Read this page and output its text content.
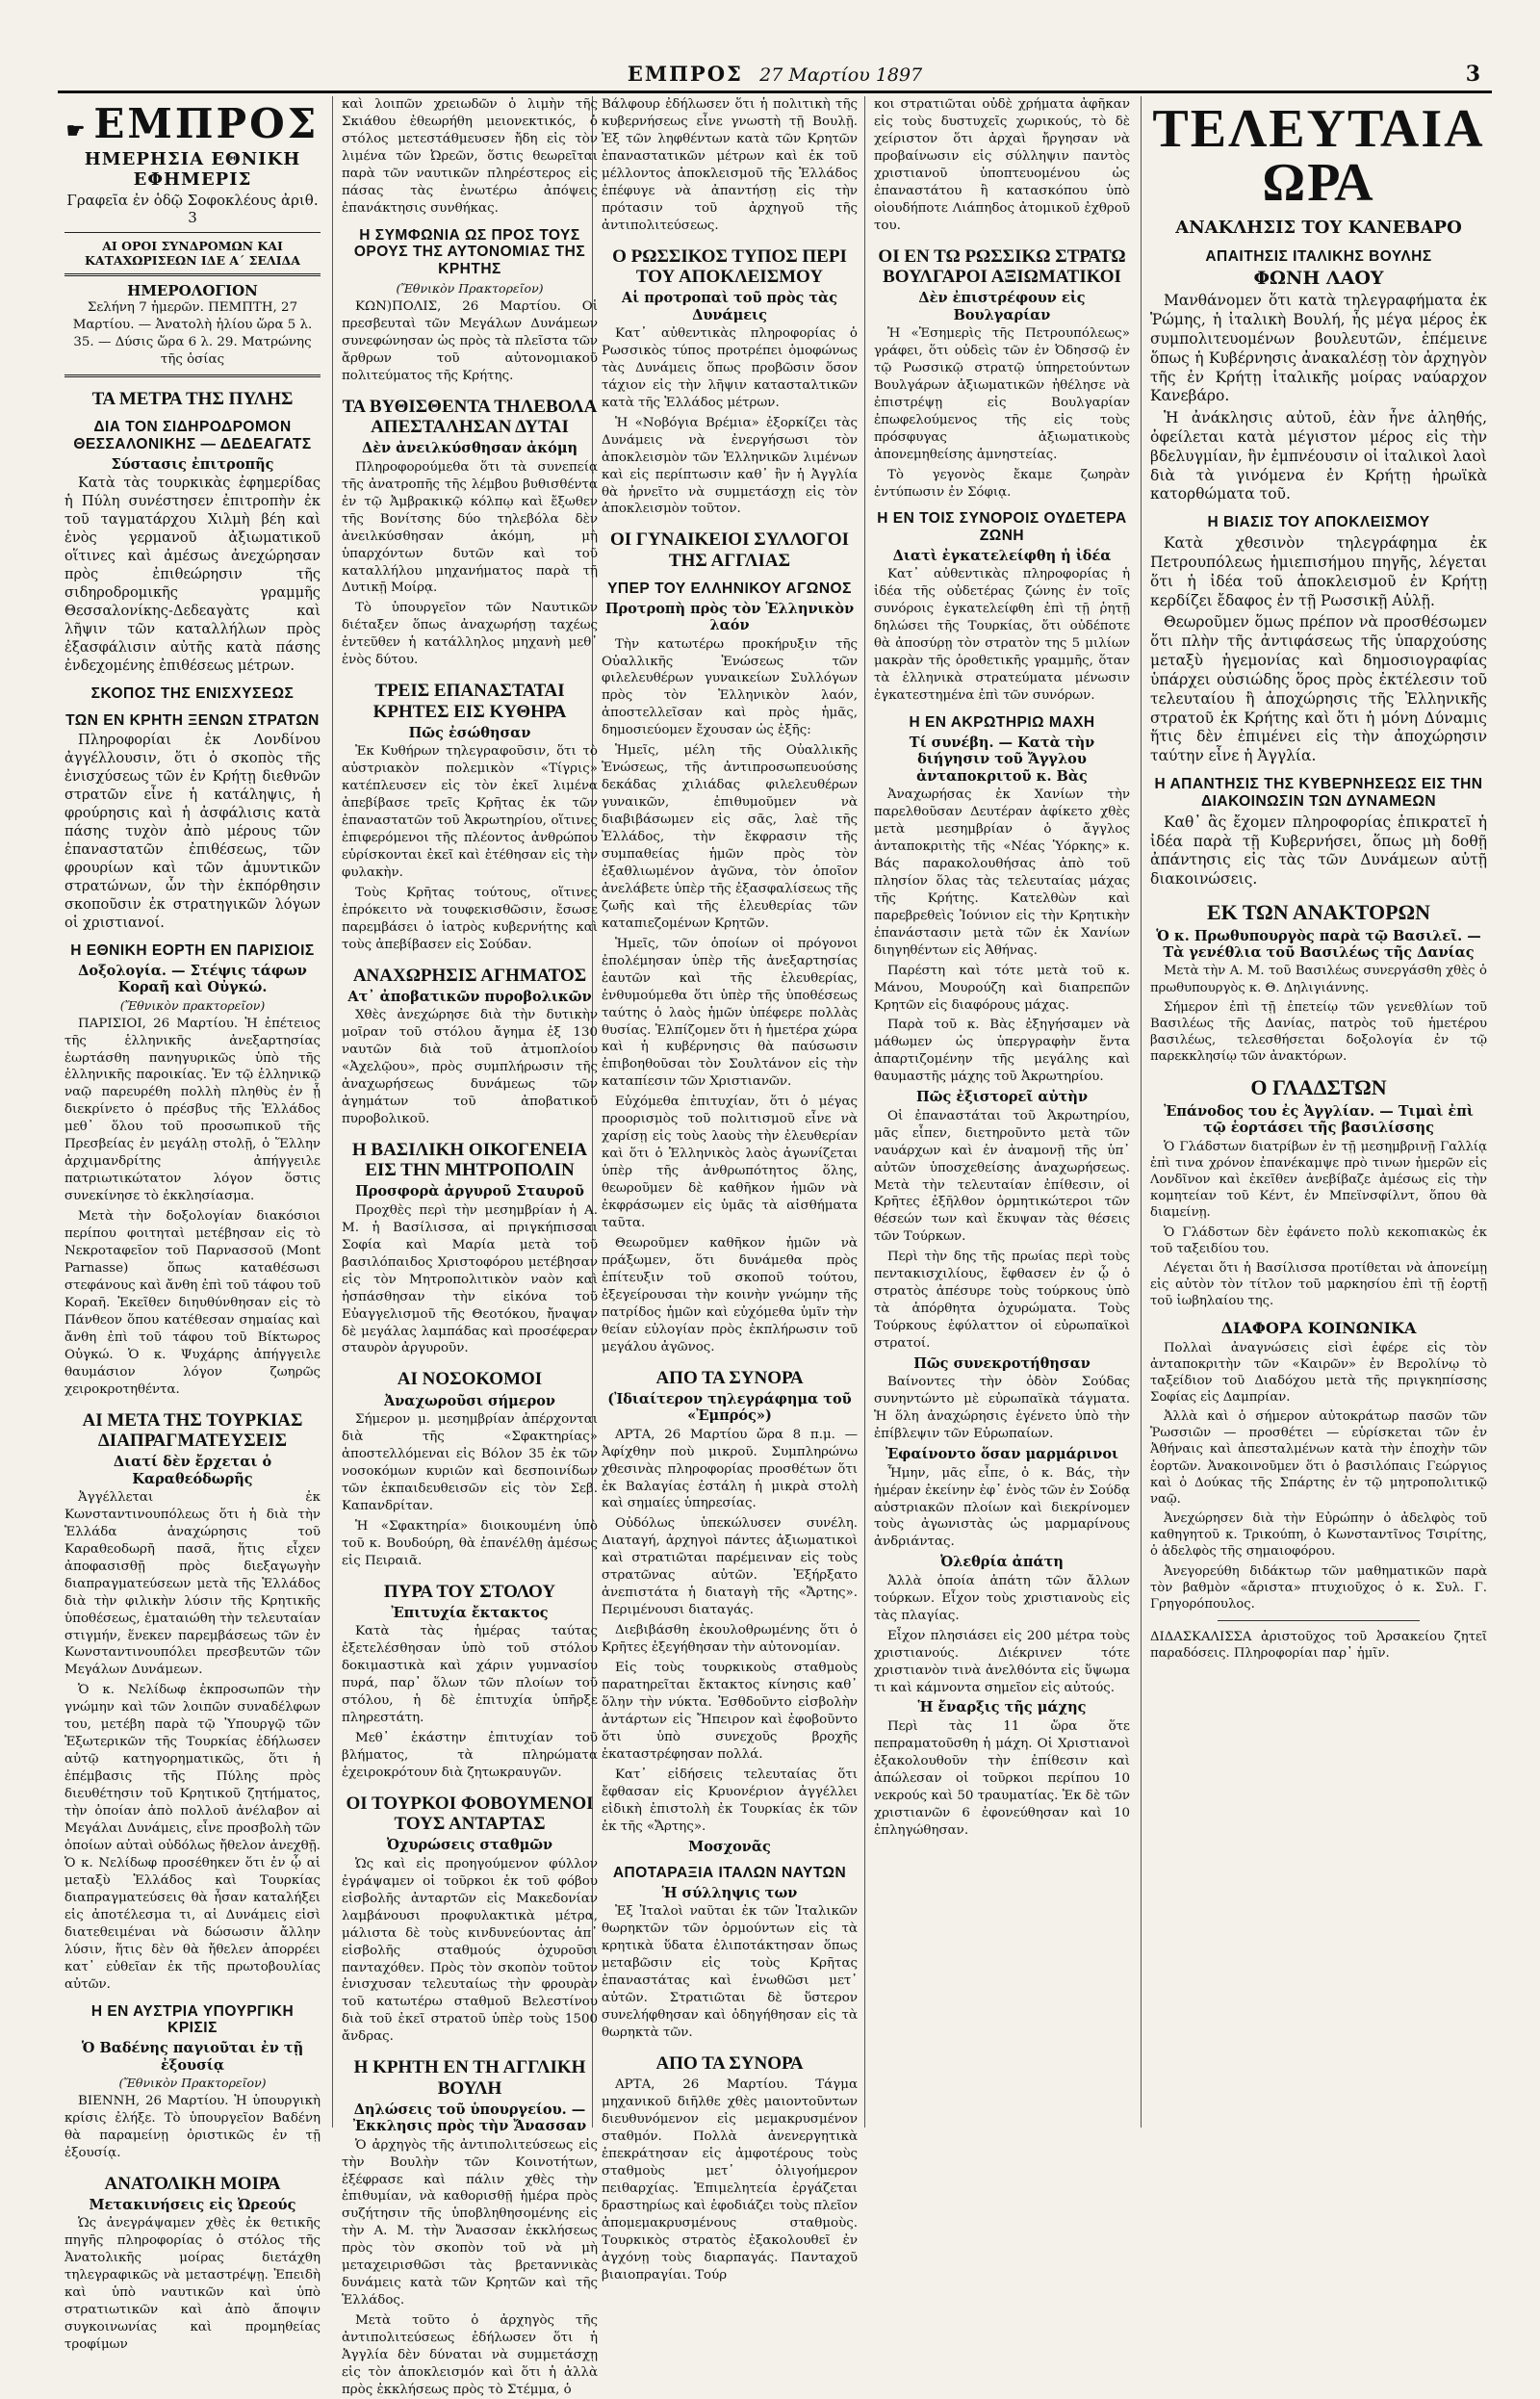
ΕΜΠΡΟΣ 27 Μαρτίου 1897	3
☛ ΕΜΠΡΟΣ
ΗΜΕΡΗΣΙΑ ΕΘΝΙΚΗ ΕΦΗΜΕΡΙΣ
Γραφεῖα ἐν ὁδῷ Σοφοκλέους ἀριθ. 3
ΑΙ ΟΡΟΙ ΣΥΝΔΡΟΜΩΝ ΚΑΙ ΚΑΤΑΧΩΡΙΣΕΩΝ ΙΔΕ Α΄ ΣΕΛΙΔΑ
ΗΜΕΡΟΛΟΓΙΟΝ

Σελήνη 7 ἡμερῶν. ΠΕΜΠΤΗ, 27 Μαρτίου. — Ἀνατολὴ ἡλίου ὥρα 5 λ. 35. — Δύσις ὥρα 6 λ. 29. Ματρώνης τῆς ὁσίας

ΤΑ ΜΕΤΡΑ ΤΗΣ ΠΥΛΗΣ
ΔΙΑ ΤΟΝ ΣΙΔΗΡΟΔΡΟΜΟΝ ΘΕΣΣΑΛΟΝΙΚΗΣ — ΔΕΔΕΑΓΑΤΣ
Σύστασις ἐπιτροπῆς

Κατὰ τὰς τουρκικὰς ἐφημερίδας ἡ Πύλη συνέστησεν ἐπιτροπὴν ἐκ τοῦ ταγματάρχου Χιλμὴ βέη καὶ ἑνὸς γερμανοῦ ἀξιωματικοῦ οἵτινες καὶ ἀμέσως ἀνεχώρησαν πρὸς ἐπιθεώρησιν τῆς σιδηροδρομικῆς γραμμῆς Θεσσαλονίκης-Δεδεαγὰτς καὶ λῆψιν τῶν καταλλήλων πρὸς ἐξασφάλισιν αὐτῆς κατὰ πάσης ἐνδεχομένης ἐπιθέσεως μέτρων.

ΣΚΟΠΟΣ ΤΗΣ ΕΝΙΣΧΥΣΕΩΣ
ΤΩΝ ΕΝ ΚΡΗΤΗ ΞΕΝΩΝ ΣΤΡΑΤΩΝ

Πληροφορίαι ἐκ Λονδίνου ἀγγέλλουσιν, ὅτι ὁ σκοπὸς τῆς ἐνισχύσεως τῶν ἐν Κρήτῃ διεθνῶν στρατῶν εἶνε ἡ κατάληψις, ἡ φρούρησις καὶ ἡ ἀσφάλισις κατὰ πάσης τυχὸν ἀπὸ μέρους τῶν ἐπαναστατῶν ἐπιθέσεως, τῶν φρουρίων καὶ τῶν ἀμυντικῶν στρατώνων, ὧν τὴν ἐκπόρθησιν σκοποῦσιν ἐκ στρατηγικῶν λόγων οἱ χριστιανοί.

Η ΕΘΝΙΚΗ ΕΟΡΤΗ ΕΝ ΠΑΡΙΣΙΟΙΣ
Δοξολογία. — Στέψις τάφων Κοραῆ καὶ Οὐγκώ.
(Ἔθνικὸν πρακτορεῖον)

ΠΑΡΙΣΙΟΙ, 26 Μαρτίου. Ἡ ἐπέτειος τῆς ἑλληνικῆς ἀνεξαρτησίας ἑωρτάσθη πανηγυρικῶς ὑπὸ τῆς ἑλληνικῆς παροικίας. Ἐν τῷ ἑλληνικῷ ναῷ παρευρέθη πολλὴ πληθὺς ἐν ᾗ διεκρίνετο ὁ πρέσβυς τῆς Ἑλλάδος μεθ᾽ ὅλου τοῦ προσωπικοῦ τῆς Πρεσβείας ἐν μεγάλῃ στολῇ, ὁ Ἕλλην ἀρχιμανδρίτης ἀπήγγειλε πατριωτικώτατον λόγον ὅστις συνεκίνησε τὸ ἐκκλησίασμα.

Μετὰ τὴν δοξολογίαν διακόσιοι περίπου φοιτηταὶ μετέβησαν εἰς τὸ Νεκροταφεῖον τοῦ Παρνασσοῦ (Mont Parnasse) ὅπως καταθέσωσι στεφάνους καὶ ἄνθη ἐπὶ τοῦ τάφου τοῦ Κοραῆ. Ἐκεῖθεν διηυθύνθησαν εἰς τὸ Πάνθεον ὅπου κατέθεσαν σημαίας καὶ ἄνθη ἐπὶ τοῦ τάφου τοῦ Βίκτωρος Οὐγκώ. Ὁ κ. Ψυχάρης ἀπήγγειλε θαυμάσιον λόγον ζωηρῶς χειροκροτηθέντα.

ΑΙ ΜΕΤΑ ΤΗΣ ΤΟΥΡΚΙΑΣ ΔΙΑΠΡΑΓΜΑΤΕΥΣΕΙΣ
Διατί δὲν ἔρχεται ὁ Καραθεόδωρῆς

Ἀγγέλλεται ἐκ Κωνσταντινουπόλεως ὅτι ἡ διὰ τὴν Ἑλλάδα ἀναχώρησις τοῦ Καραθεοδωρῆ πασᾶ, ἥτις εἶχεν ἀποφασισθῇ πρὸς διεξαγωγὴν διαπραγματεύσεων μετὰ τῆς Ἑλλάδος διὰ τὴν φιλικὴν λύσιν τῆς Κρητικῆς ὑποθέσεως, ἐματαιώθη τὴν τελευταίαν στιγμήν, ἕνεκεν παρεμβάσεως τῶν ἐν Κωνσταντινουπόλει πρεσβευτῶν τῶν Μεγάλων Δυνάμεων.

Ὁ κ. Νελίδωφ ἐκπροσωπῶν τὴν γνώμην καὶ τῶν λοιπῶν συναδέλφων του, μετέβη παρὰ τῷ Ὑπουργῷ τῶν Ἐξωτερικῶν τῆς Τουρκίας ἐδήλωσεν αὐτῷ κατηγορηματικῶς, ὅτι ἡ ἐπέμβασις τῆς Πύλης πρὸς διευθέτησιν τοῦ Κρητικοῦ ζητήματος, τὴν ὁποίαν ἀπὸ πολλοῦ ἀνέλαβον αἱ Μεγάλαι Δυνάμεις, εἶνε προσβολὴ τῶν ὁποίων αὐταὶ οὐδόλως ἤθελον ἀνεχθῇ. Ὁ κ. Νελίδωφ προσέθηκεν ὅτι ἐν ᾧ αἱ μεταξὺ Ἑλλάδος καὶ Τουρκίας διαπραγματεύσεις θὰ ἦσαν καταλήξει εἰς ἀποτέλεσμα τι, αἱ Δυνάμεις εἰσὶ διατεθειμέναι νὰ δώσωσιν ἄλλην λύσιν, ἥτις δὲν θὰ ἤθελεν ἀπορρέει κατ᾽ εὐθεῖαν ἐκ τῆς πρωτοβουλίας αὐτῶν.

Η ΕΝ ΑΥΣΤΡΙΑ ΥΠΟΥΡΓΙΚΗ ΚΡΙΣΙΣ
Ὁ Βαδένης παγιοῦται ἐν τῇ ἐξουσίᾳ
(Ἔθνικὸν Πρακτορεῖον)

ΒΙΕΝΝΗ, 26 Μαρτίου. Ἡ ὑπουργικὴ κρίσις ἐλήξε. Τὸ ὑπουργεῖον Βαδένη θὰ παραμείνῃ ὁριστικῶς ἐν τῇ ἐξουσίᾳ.

ΑΝΑΤΟΛΙΚΗ ΜΟΙΡΑ
Μετακινήσεις εἰς Ὠρεούς

Ὡς ἀνεγράψαμεν χθὲς ἐκ θετικῆς πηγῆς πληροφορίας ὁ στόλος τῆς Ἀνατολικῆς μοίρας διετάχθη τηλεγραφικῶς νὰ μεταστρέψῃ. Ἐπειδὴ καὶ ὑπὸ ναυτικῶν καὶ ὑπὸ στρατιωτικῶν καὶ ἀπὸ ἄποψιν συγκοινωνίας καὶ προμηθείας τροφίμων

καὶ λοιπῶν χρειωδῶν ὁ λιμὴν τῆς Σκιάθου ἐθεωρήθη μειονεκτικός, ὁ στόλος μετεστάθμευσεν ἤδη εἰς τὸν λιμένα τῶν Ὠρεῶν, ὅστις θεωρεῖται παρὰ τῶν ναυτικῶν πληρέστερος εἰς πάσας τὰς ἐνωτέρω ἀπόψεις ἐπανάκτησις συνθήκας.

Η ΣΥΜΦΩΝΙΑ ΩΣ ΠΡΟΣ ΤΟΥΣ ΟΡΟΥΣ ΤΗΣ ΑΥΤΟΝΟΜΙΑΣ ΤΗΣ ΚΡΗΤΗΣ
(Ἔθνικὸν Πρακτορεῖον)

ΚΩΝ)ΠΟΛΙΣ, 26 Μαρτίου. Οἱ πρεσβευταὶ τῶν Μεγάλων Δυνάμεων συνεφώνησαν ὡς πρὸς τὰ πλεῖστα τῶν ἄρθρων τοῦ αὐτονομιακοῦ πολιτεύματος τῆς Κρήτης.

ΤΑ ΒΥΘΙΣΘΕΝΤΑ ΤΗΛΕΒΟΛΑ ΑΠΕΣΤΑΛΗΣΑΝ ΔΥΤΑΙ
Δὲν ἀνειλκύσθησαν ἀκόμη

Πληροφορούμεθα ὅτι τὰ συνεπείᾳ τῆς ἀνατροπῆς τῆς λέμβου βυθισθέντα ἐν τῷ Ἀμβρακικῷ κόλπῳ καὶ ἔξωθεν τῆς Βονίτσης δύο τηλεβόλα δὲν ἀνειλκύσθησαν ἀκόμη, μὴ ὑπαρχόντων δυτῶν καὶ τοῦ καταλλήλου μηχανήματος παρὰ τῇ Δυτικῇ Μοίρᾳ.

Τὸ ὑπουργεῖον τῶν Ναυτικῶν διέταξεν ὅπως ἀναχωρήσῃ ταχέως ἐντεῦθεν ἡ κατάλληλος μηχανὴ μεθ᾽ ἑνὸς δύτου.

ΤΡΕΙΣ ΕΠΑΝΑΣΤΑΤΑΙ ΚΡΗΤΕΣ ΕΙΣ ΚΥΘΗΡΑ
Πῶς ἐσώθησαν

Ἐκ Κυθήρων τηλεγραφοῦσιν, ὅτι τὸ αὐστριακὸν πολεμικὸν «Τίγρις» κατέπλευσεν εἰς τὸν ἐκεῖ λιμένα ἀπεβίβασε τρεῖς Κρῆτας ἐκ τῶν ἐπαναστατῶν τοῦ Ἀκρωτηρίου, οἵτινες ἐπιφερόμενοι τῆς πλέοντος ἀνθρώπου εὑρίσκονται ἐκεῖ καὶ ἐτέθησαν εἰς τὴν φυλακὴν.

Τοὺς Κρῆτας τούτους, οἵτινες ἐπρόκειτο νὰ τουφεκισθῶσιν, ἔσωσε παρεμβάσει ὁ ἰατρὸς κυβερνήτης καὶ τοὺς ἀπεβίβασεν εἰς Σούδαν.

ΑΝΑΧΩΡΗΣΙΣ ΑΓΗΜΑΤΟΣ
Ατ᾽ ἀποβατικῶν πυροβολικῶν

Χθὲς ἀνεχώρησε διὰ τὴν δυτικὴν μοῖραν τοῦ στόλου ἄγημα ἐξ 130 ναυτῶν διὰ τοῦ ἀτμοπλοίου «Ἀχελῷου», πρὸς συμπλήρωσιν τῆς ἀναχωρήσεως δυνάμεως τῶν ἀγημάτων τοῦ ἀποβατικοῦ πυροβολικοῦ.

Η ΒΑΣΙΛΙΚΗ ΟΙΚΟΓΕΝΕΙΑ ΕΙΣ ΤΗΝ ΜΗΤΡΟΠΟΛΙΝ
Προσφορὰ ἀργυροῦ Σταυροῦ

Προχθὲς περὶ τὴν μεσημβρίαν ἡ Α. Μ. ἡ Βασίλισσα, αἱ πριγκήπισσαι Σοφία καὶ Μαρία μετὰ τοῦ βασιλόπαιδος Χριστοφόρου μετέβησαν εἰς τὸν Μητροπολιτικὸν ναὸν καὶ ἠσπάσθησαν τὴν εἰκόνα τοῦ Εὐαγγελισμοῦ τῆς Θεοτόκου, ἤναψαν δὲ μεγάλας λαμπάδας καὶ προσέφεραν σταυρὸν ἀργυροῦν.

ΑΙ ΝΟΣΟΚΟΜΟΙ
Ἀναχωροῦσι σήμερον

Σήμερον μ. μεσημβρίαν ἀπέρχονται διὰ τῆς «Σφακτηρίας» ἀποστελλόμεναι εἰς Βόλον 35 ἐκ τῶν νοσοκόμων κυριῶν καὶ δεσποινίδων τῶν ἐκπαιδευθεισῶν εἰς τὸν Σεβ. Καπανδρίταν.

Ἡ «Σφακτηρία» διοικουμένη ὑπὸ τοῦ κ. Βουδούρη, θὰ ἐπανέλθῃ ἀμέσως εἰς Πειραιᾶ.

ΠΥΡΑ ΤΟΥ ΣΤΟΛΟΥ
Ἐπιτυχία ἔκτακτος

Κατὰ τὰς ἡμέρας ταύτας ἐξετελέσθησαν ὑπὸ τοῦ στόλου δοκιμαστικὰ καὶ χάριν γυμνασίου πυρά, παρ᾽ ὅλων τῶν πλοίων τοῦ στόλου, ἡ δὲ ἐπιτυχία ὑπῆρξε πληρεστάτη.

Μεθ᾽ ἑκάστην ἐπιτυχίαν τοῦ βλήματος, τὰ πληρώματα ἐχειροκρότουν διὰ ζητωκραυγῶν.

ΟΙ ΤΟΥΡΚΟΙ ΦΟΒΟΥΜΕΝΟΙ ΤΟΥΣ ΑΝΤΑΡΤΑΣ
Ὀχυρώσεις σταθμῶν

Ὡς καὶ εἰς προηγούμενον φύλλον ἐγράψαμεν οἱ τοῦρκοι ἐκ τοῦ φόβου εἰσβολῆς ἀνταρτῶν εἰς Μακεδονίαν λαμβάνουσι προφυλακτικὰ μέτρα, μάλιστα δὲ τοὺς κινδυνεύοντας ἀπ᾽ εἰσβολῆς σταθμούς ὀχυροῦσι πανταχόθεν. Πρὸς τὸν σκοπὸν τοῦτον ἐνισχυσαν τελευταίως τὴν φρουρὰν τοῦ κατωτέρω σταθμοῦ Βελεστίνου διὰ τοῦ ἐκεῖ στρατοῦ ὑπὲρ τοὺς 1500 ἄνδρας.

Η ΚΡΗΤΗ ΕΝ ΤΗ ΑΓΓΛΙΚΗ ΒΟΥΛΗ
Δηλώσεις τοῦ ὑπουργείου. — Ἐκκλησις πρὸς τὴν Ἄνασσαν

Ὁ ἀρχηγὸς τῆς ἀντιπολιτεύσεως εἰς τὴν Βουλὴν τῶν Κοινοτήτων, ἐξέφρασε καὶ πάλιν χθὲς τὴν ἐπιθυμίαν, νὰ καθορισθῇ ἡμέρα πρὸς συζήτησιν τῆς ὑποβληθησομένης εἰς τὴν Α. Μ. τὴν Ἄνασσαν ἐκκλήσεως πρὸς τὸν σκοπὸν τοῦ νὰ μὴ μεταχειρισθῶσι τὰς βρεταννικὰς δυνάμεις κατὰ τῶν Κρητῶν καὶ τῆς Ἑλλάδος.

Μετὰ τοῦτο ὁ ἀρχηγὸς τῆς ἀντιπολιτεύσεως ἐδήλωσεν ὅτι ἡ Ἀγγλία δὲν δύναται νὰ συμμετάσχῃ εἰς τὸν ἀποκλεισμόν καὶ ὅτι ἡ ἀλλὰ πρὸς ἐκκλήσεως πρὸς τὸ Στέμμα, ὁ

Βάλφουρ ἐδήλωσεν ὅτι ἡ πολιτικὴ τῆς κυβερνήσεως εἶνε γνωστὴ τῇ Βουλῇ. Ἐξ τῶν ληφθέντων κατὰ τῶν Κρητῶν ἐπαναστατικῶν μέτρων καὶ ἐκ τοῦ μέλλοντος ἀποκλεισμοῦ τῆς Ἑλλάδος ἐπέφυγε νὰ ἀπαντήσῃ εἰς τὴν πρότασιν τοῦ ἀρχηγοῦ τῆς ἀντιπολιτεύσεως.

Ο ΡΩΣΣΙΚΟΣ ΤΥΠΟΣ ΠΕΡΙ ΤΟΥ ΑΠΟΚΛΕΙΣΜΟΥ
Αἱ προτροπαὶ τοῦ πρὸς τὰς Δυνάμεις

Κατ᾽ αὐθεντικὰς πληροφορίας ὁ Ρωσσικὸς τύπος προτρέπει ὁμοφώνως τὰς Δυνάμεις ὅπως προβῶσιν ὅσον τάχιον εἰς τὴν λῆψιν κατασταλτικῶν κατὰ τῆς Ἑλλάδος μέτρων.

Ἡ «Νοβόγια Βρέμια» ἐξορκίζει τὰς Δυνάμεις νὰ ἐνεργήσωσι τὸν ἀποκλεισμὸν τῶν Ἑλληνικῶν λιμένων καὶ εἰς περίπτωσιν καθ᾽ ἣν ἡ Ἀγγλία θὰ ἠρνεῖτο νὰ συμμετάσχῃ εἰς τὸν ἀποκλεισμὸν τοῦτον.

ΟΙ ΓΥΝΑΙΚΕΙΟΙ ΣΥΛΛΟΓΟΙ ΤΗΣ ΑΓΓΛΙΑΣ
ΥΠΕΡ ΤΟΥ ΕΛΛΗΝΙΚΟΥ ΑΓΩΝΟΣ
Προτροπὴ πρὸς τὸν Ἑλληνικὸν λαόν

Τὴν κατωτέρω προκήρυξιν τῆς Οὐαλλικῆς Ἑνώσεως τῶν φιλελευθέρων γυναικείων Συλλόγων πρὸς τὸν Ἑλληνικὸν λαόν, ἀποστελλεῖσαν καὶ πρὸς ἡμᾶς, δημοσιεύομεν ἔχουσαν ὡς ἑξῆς:

Ἡμεῖς, μέλη τῆς Οὐαλλικῆς Ἑνώσεως, τῆς ἀντιπροσωπευούσης δεκάδας χιλιάδας φιλελευθέρων γυναικῶν, ἐπιθυμοῦμεν νὰ διαβιβάσωμεν εἰς σᾶς, λαὲ τῆς Ἑλλάδος, τὴν ἔκφρασιν τῆς συμπαθείας ἡμῶν πρὸς τὸν ἐξαθλιωμένον ἀγῶνα, τὸν ὁποῖον ἀνελάβετε ὑπὲρ τῆς ἐξασφαλίσεως τῆς ζωῆς καὶ τῆς ἐλευθερίας τῶν καταπιεζομένων Κρητῶν.

Ἡμεῖς, τῶν ὁποίων οἱ πρόγονοι ἐπολέμησαν ὑπὲρ τῆς ἀνεξαρτησίας ἑαυτῶν καὶ τῆς ἐλευθερίας, ἐνθυμούμεθα ὅτι ὑπὲρ τῆς ὑποθέσεως ταύτης ὁ λαὸς ἡμῶν ὑπέφερε πολλὰς θυσίας. Ἐλπίζομεν ὅτι ἡ ἡμετέρα χώρα καὶ ἡ κυβέρνησις θὰ παύσωσιν ἐπιβοηθοῦσαι τὸν Σουλτάνον εἰς τὴν καταπίεσιν τῶν Χριστιανῶν.

Εὐχόμεθα ἐπιτυχίαν, ὅτι ὁ μέγας προορισμὸς τοῦ πολιτισμοῦ εἶνε νὰ χαρίσῃ εἰς τοὺς λαοὺς τὴν ἐλευθερίαν καὶ ὅτι ὁ Ἑλληνικὸς λαὸς ἀγωνίζεται ὑπὲρ τῆς ἀνθρωπότητος ὅλης, θεωροῦμεν δὲ καθῆκον ἡμῶν νὰ ἐκφράσωμεν εἰς ὑμᾶς τὰ αἰσθήματα ταῦτα.

Θεωροῦμεν καθῆκον ἡμῶν νὰ πράξωμεν, ὅτι δυνάμεθα πρὸς ἐπίτευξιν τοῦ σκοποῦ τούτου, ἐξεγείρουσαι τὴν κοινὴν γνώμην τῆς πατρίδος ἡμῶν καὶ εὐχόμεθα ὑμῖν τὴν θείαν εὐλογίαν πρὸς ἐκπλήρωσιν τοῦ μεγάλου ἀγῶνος.

ΑΠΟ ΤΑ ΣΥΝΟΡΑ
(Ἰδιαίτερον τηλεγράφημα τοῦ «Ἐμπρός»)

ΑΡΤΑ, 26 Μαρτίου ὥρα 8 π.μ. — Ἀφίχθην ποὺ μικροῦ. Συμπληρώνω χθεσινὰς πληροφορίας προσθέτων ὅτι ἐκ Βαλαγίας ἐστάλη ἡ μικρὰ στολὴ καὶ σημαίες ὑπηρεσίας.

Οὐδόλως ὑπεκώλυσεν συνέλη. Διαταγή, ἀρχηγοὶ πάντες ἀξιωματικοὶ καὶ στρατιῶται παρέμειναν εἰς τοὺς στρατῶνας αὐτῶν. Ἐξήρξατο ἀνεπιστάτα ἡ διαταγὴ τῆς «Ἄρτης». Περιμένουσι διαταγάς.

Διεβιβάσθη ἐκουλοθρωμένης ὅτι ὁ Κρῆτες ἐξεγήθησαν τὴν αὐτονομίαν.

Εἰς τοὺς τουρκικοὺς σταθμοὺς παρατηρεῖται ἔκτακτος κίνησις καθ᾽ ὅλην τὴν νύκτα. Ἐσθδοῦντο εἰσβολὴν ἀντάρτων εἰς Ἤπειρον καὶ ἐφοβοῦντο ὅτι ὑπὸ συνεχοῦς βροχῆς ἐκαταστρέφησαν πολλά.

Κατ᾽ εἰδήσεις τελευταίας ὅτι ἔφθασαν εἰς Κρυονέριον ἀγγέλλει εἰδικὴ ἐπιστολὴ ἐκ Τουρκίας ἐκ τῶν ἐκ τῆς «Ἄρτης».

Μοσχονᾶς
ΑΠΟΤΑΡΑΞΙΑ ΙΤΑΛΩΝ ΝΑΥΤΩΝ
Ἡ σύλληψις των

Ἐξ Ἰταλοὶ ναῦται ἐκ τῶν Ἰταλικῶν θωρηκτῶν τῶν ὁρμούντων εἰς τὰ κρητικὰ ὕδατα ἐλιποτάκτησαν ὅπως μεταβῶσιν εἰς τοὺς Κρῆτας ἐπαναστάτας καὶ ἑνωθῶσι μετ᾽ αὐτῶν. Στρατιῶται δὲ ὕστερον συνελήφθησαν καὶ ὁδηγήθησαν εἰς τὰ θωρηκτὰ τῶν.

ΑΠΟ ΤΑ ΣΥΝΟΡΑ

ΑΡΤΑ, 26 Μαρτίου. Τάγμα μηχανικοῦ διῆλθε χθὲς μαιοντοῦντων διευθυνόμενον εἰς μεμακρυσμένον σταθμόν. Πολλὰ ἀνενεργητικὰ ἐπεκράτησαν εἰς ἀμφοτέρους τοὺς σταθμοὺς μετ᾽ ὀλιγοήμερον πειθαρχίας. Ἐπιμελητεία ἐργάζεται δραστηρίως καὶ ἐφοδιάζει τοὺς πλεῖον ἀπομεμακρυσμένους σταθμοὺς. Τουρκικὸς στρατὸς ἐξακολουθεῖ ἐν ἀγχόνῃ τοὺς διαρπαγάς. Πανταχοῦ βιαιοπραγίαι. Τούρ

κοι στρατιῶται οὐδὲ χρήματα ἀφῆκαν εἰς τοὺς δυστυχεῖς χωρικούς, τὸ δὲ χείριστον ὅτι ἀρχαὶ ἤργησαν νὰ προβαίνωσιν εἰς σύλληψιν παντὸς χριστιανοῦ ὑποπτευομένου ὡς ἐπαναστάτου ἢ κατασκόπου ὑπὸ οἰουδήποτε Λιάπηδος ἀτομικοῦ ἐχθροῦ του.

ΟΙ ΕΝ ΤΩ ΡΩΣΣΙΚΩ ΣΤΡΑΤΩ ΒΟΥΛΓΑΡΟΙ ΑΞΙΩΜΑΤΙΚΟΙ
Δὲν ἐπιστρέφουν εἰς Βουλγαρίαν

Ἡ «Ἐσημερὶς τῆς Πετρουπόλεως» γράφει, ὅτι οὐδεὶς τῶν ἐν Ὀδησσῷ ἐν τῷ Ρωσσικῷ στρατῷ ὑπηρετούντων Βουλγάρων ἀξιωματικῶν ἠθέλησε νὰ ἐπιστρέψῃ εἰς Βουλγαρίαν ἐπωφελούμενος τῆς εἰς τοὺς πρόσφυγας ἀξιωματικοὺς ἀπονεμηθείσης ἀμνηστείας.

Τὸ γεγονὸς ἔκαμε ζωηρὰν ἐντύπωσιν ἐν Σόφιᾳ.

Η ΕΝ ΤΟΙΣ ΣΥΝΟΡΟΙΣ ΟΥΔΕΤΕΡΑ ΖΩΝΗ
Διατὶ ἐγκατελείφθη ἡ ἰδέα

Κατ᾽ αὐθεντικὰς πληροφορίας ἡ ἰδέα τῆς οὐδετέρας ζώνης ἐν τοῖς συνόροις ἐγκατελείφθη ἐπὶ τῇ ῥητῇ δηλώσει τῆς Τουρκίας, ὅτι οὐδέποτε θὰ ἀποσύρῃ τὸν στρατὸν της 5 μιλίων μακρὰν τῆς ὁροθετικῆς γραμμῆς, ὅταν τὰ ἑλληνικὰ στρατεύματα μένωσιν ἐγκατεστημένα ἐπὶ τῶν συνόρων.

Η ΕΝ ΑΚΡΩΤΗΡΙΩ ΜΑΧΗ
Τί συνέβη. — Κατὰ τὴν διήγησιν τοῦ Ἄγγλου ἀνταποκριτοῦ κ. Βὰς

Ἀναχωρήσας ἐκ Χανίων τὴν παρελθοῦσαν Δευτέραν ἀφίκετο χθὲς μετὰ μεσημβρίαν ὁ ἄγγλος ἀνταποκριτὴς τῆς «Νέας Ὑόρκης» κ. Βάς παρακολουθήσας ἀπὸ τοῦ πλησίον ὅλας τὰς τελευταίας μάχας τῆς Κρήτης. Κατελθὼν καὶ παρεβρεθεὶς Ἰούνιον εἰς τὴν Κρητικὴν ἐπανάστασιν μετὰ τῶν ἐκ Χανίων διηγηθέντων εἰς Ἀθήνας.

Παρέστη καὶ τότε μετὰ τοῦ κ. Μάνου, Μουρούζη καὶ διαπρεπῶν Κρητῶν εἰς διαφόρους μάχας.

Παρὰ τοῦ κ. Βὰς ἐξηγήσαμεν νὰ μάθωμεν ὡς ὑπεργραφὴν ἔντα ἀπαρτιζομένην τῆς μεγάλης καὶ θαυμαστῆς μάχης τοῦ Ἀκρωτηρίου.

Πῶς ἐξιστορεῖ αὐτὴν

Οἱ ἐπαναστάται τοῦ Ἀκρωτηρίου, μᾶς εἶπεν, διετηροῦντο μετὰ τῶν ναυάρχων καὶ ἐν ἀναμονῇ τῆς ὑπ᾽ αὐτῶν ὑποσχεθείσης ἀναχωρήσεως. Μετὰ τὴν τελευταίαν ἐπίθεσιν, οἱ Κρῆτες ἐξῆλθον ὁρμητικώτεροι τῶν θέσεών των καὶ ἔκυψαν τὰς θέσεις τῶν Τούρκων.

Περὶ τὴν δης τῆς πρωίας περὶ τοὺς πεντακισχιλίους, ἔφθασεν ἐν ᾧ ὁ στρατὸς ἀπέσυρε τοὺς τούρκους ὑπὸ τὰ ἀπόρθητα ὀχυρώματα. Τοὺς Τούρκους ἐφύλαττον οἱ εὐρωπαϊκοὶ στρατοί.

Πῶς συνεκροτήθησαν

Βαίνοντες τὴν ὁδὸν Σούδας συνηντώντο μὲ εὐρωπαϊκὰ τάγματα. Ἡ ὅλη ἀναχώρησις ἐγένετο ὑπὸ τὴν ἐπίβλεψιν τῶν Εὐρωπαίων.

Ἐφαίνοντο ὅσαν μαρμάρινοι

Ἦμην, μᾶς εἶπε, ὁ κ. Βάς, τὴν ἡμέραν ἐκείνην ἐφ᾽ ἑνὸς τῶν ἐν Σούδᾳ αὐστριακῶν πλοίων καὶ διεκρίνομεν τοὺς ἀγωνιστὰς ὡς μαρμαρίνους ἀνδριάντας.

Ὀλεθρία ἀπάτη

Ἀλλὰ ὁποία ἀπάτη τῶν ἄλλων τούρκων. Εἶχον τοὺς χριστιανοὺς εἰς τὰς πλαγίας.

Εἶχον πλησιάσει εἰς 200 μέτρα τοὺς χριστιανούς. Διέκρινεν τότε χριστιανὸν τινὰ ἀνελθόντα εἰς ὕψωμα τι καὶ κάμνοντα σημεῖον εἰς αὐτούς.

Ἡ ἔναρξις τῆς μάχης

Περὶ τὰς 11 ὥρα ὅτε πεπραματοῦσθη ἡ μάχη. Οἱ Χριστιανοὶ ἐξακολουθοῦν τὴν ἐπίθεσιν καὶ ἀπώλεσαν οἱ τοῦρκοι περίπου 10 νεκρούς καὶ 50 τραυματίας. Ἐκ δὲ τῶν χριστιανῶν 6 ἐφονεύθησαν καὶ 10 ἐπληγώθησαν.

ΤΕΛΕΥΤΑΙΑ ΩΡΑ
ΑΝΑΚΛΗΣΙΣ ΤΟΥ ΚΑΝΕΒΑΡΟ
ΑΠΑΙΤΗΣΙΣ ΙΤΑΛΙΚΗΣ ΒΟΥΛΗΣ
ΦΩΝΗ ΛΑΟΥ

Μανθάνομεν ὅτι κατὰ τηλεγραφήματα ἐκ Ῥώμης, ἡ ἰταλικὴ Βουλή, ἧς μέγα μέρος ἐκ συμπολιτευομένων βουλευτῶν, ἐπέμεινε ὅπως ἡ Κυβέρνησις ἀνακαλέσῃ τὸν ἀρχηγὸν τῆς ἐν Κρήτῃ ἰταλικῆς μοίρας ναύαρχον Κανεβάρο.

Ἡ ἀνάκλησις αὐτοῦ, ἐὰν ἦνε ἀληθής, ὀφείλεται κατὰ μέγιστον μέρος εἰς τὴν βδελυγμίαν, ἣν ἐμπνέουσιν οἱ ἰταλικοὶ λαοὶ διὰ τὰ γινόμενα ἐν Κρήτῃ ἠρωϊκὰ κατορθώματα τοῦ.

Η ΒΙΑΣΙΣ ΤΟΥ ΑΠΟΚΛΕΙΣΜΟΥ

Κατὰ χθεσινὸν τηλεγράφημα ἐκ Πετρουπόλεως ἡμιεπισήμου πηγῆς, λέγεται ὅτι ἡ ἰδέα τοῦ ἀποκλεισμοῦ ἐν Κρήτῃ κερδίζει ἔδαφος ἐν τῇ Ρωσσικῇ Αὐλῇ.

Θεωροῦμεν ὅμως πρέπον νὰ προσθέσωμεν ὅτι πλὴν τῆς ἀντιφάσεως τῆς ὑπαρχούσης μεταξὺ ἡγεμονίας καὶ δημοσιογραφίας ὑπάρχει οὐσιώδης ὅρος πρὸς ἐκτέλεσιν τοῦ τελευταίου ἢ ἀποχώρησις τῆς Ἑλληνικῆς στρατοῦ ἐκ Κρήτης καὶ ὅτι ἡ μόνη Δύναμις ἥτις δὲν ἐπιμένει εἰς τὴν ἀποχώρησιν ταύτην εἶνε ἡ Ἀγγλία.

Η ΑΠΑΝΤΗΣΙΣ ΤΗΣ ΚΥΒΕΡΝΗΣΕΩΣ ΕΙΣ ΤΗΝ ΔΙΑΚΟΙΝΩΣΙΝ ΤΩΝ ΔΥΝΑΜΕΩΝ

Καθ᾽ ἃς ἔχομεν πληροφορίας ἐπικρατεῖ ἡ ἰδέα παρὰ τῇ Κυβερνήσει, ὅπως μὴ δοθῇ ἀπάντησις εἰς τὰς τῶν Δυνάμεων αὐτῇ διακοινώσεις.

ΕΚ ΤΩΝ ΑΝΑΚΤΟΡΩΝ
Ὁ κ. Πρωθυπουργὸς παρὰ τῷ Βασιλεῖ. — Τὰ γενέθλια τοῦ Βασιλέως τῆς Δανίας

Μετὰ τὴν Α. Μ. τοῦ Βασιλέως συνεργάσθη χθὲς ὁ πρωθυπουργὸς κ. Θ. Δηλιγιάννης.

Σήμερον ἐπὶ τῇ ἐπετείῳ τῶν γενεθλίων τοῦ Βασιλέως τῆς Δανίας, πατρὸς τοῦ ἡμετέρου βασιλέως, τελεσθήσεται δοξολογία ἐν τῷ παρεκκλησίῳ τῶν ἀνακτόρων.

Ο ΓΛΑΔΣΤΩΝ
Ἐπάνοδος του ἐς Ἀγγλίαν. — Τιμαὶ ἐπὶ τῷ ἑορτάσει τῆς βασιλίσσης

Ὁ Γλάδστων διατρίβων ἐν τῇ μεσημβρινῇ Γαλλίᾳ ἐπὶ τινα χρόνον ἐπανέκαμψε πρὸ τινων ἡμερῶν εἰς Λονδῖνον καὶ ἐκεῖθεν ἀνεβίβαζε ἀμέσως εἰς τὴν κομητείαν τοῦ Κέντ, ἐν Μπεϊνσφίλντ, ὅπου θὰ διαμείνῃ.

Ὁ Γλάδστων δὲν ἐφάνετο πολὺ κεκοπιακὼς ἐκ τοῦ ταξειδίου του.

Λέγεται ὅτι ἡ Βασίλισσα προτίθεται νὰ ἀπονείμῃ εἰς αὐτὸν τὸν τίτλον τοῦ μαρκησίου ἐπὶ τῇ ἑορτῇ τοῦ ἰωβηλαίου της.

ΔΙΑΦΟΡΑ ΚΟΙΝΩΝΙΚΑ

Πολλαὶ ἀναγνώσεις εἰσὶ ἐφέρε εἰς τὸν ἀνταποκριτὴν τῶν «Καιρῶν» ἐν Βερολίνῳ τὸ ταξείδιον τοῦ Διαδόχου μετὰ τῆς πριγκηπίσσης Σοφίας εἰς Δαμπρίαν.

Ἀλλὰ καὶ ὁ σήμερον αὐτοκράτωρ πασῶν τῶν Ῥωσσιῶν — προσθέτει — εὑρίσκεται τῶν ἐν Ἀθήναις καὶ ἀπεσταλμένων κατὰ τὴν ἐποχὴν τῶν ἑορτῶν. Ἀνακοινοῦμεν ὅτι ὁ βασιλόπαις Γεώργιος καὶ ὁ Δούκας τῆς Σπάρτης ἐν τῷ μητροπολιτικῷ ναῷ.

Ἀνεχώρησεν διὰ τὴν Εὐρώπην ὁ ἀδελφὸς τοῦ καθηγητοῦ κ. Τρικούπη, ὁ Κωνσταντῖνος Τσιρίτης, ὁ ἀδελφὸς τῆς σημαιοφόρου.

Ἀνεγορεύθη διδάκτωρ τῶν μαθηματικῶν παρὰ τὸν βαθμὸν «ἄριστα» πτυχιοῦχος ὁ κ. Συλ. Γ. Γρηγορόπουλος.

ΔΙΔΑΣΚΑΛΙΣΣΑ ἀριστοῦχος τοῦ Ἀρσακείου ζητεῖ παραδόσεις. Πληροφορίαι παρ᾽ ἡμῖν.
